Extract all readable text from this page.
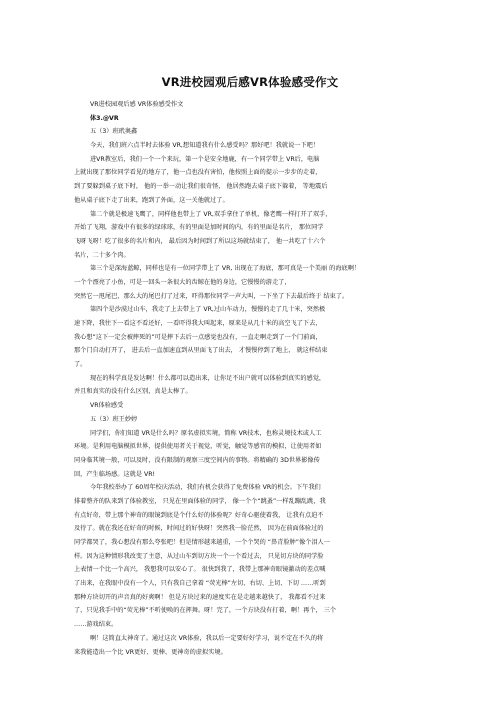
VR进校园观后感VR体验感受作文

VR进校园观后感 VR体验感受作文

体3.@VR

五（3）班玳奥鑫

今天，我们班六点半时去体验 VR,想知道我有什么感受吗？那好吧！我就说一下吧！

进VR教室后，我们一个一个来玩，第一个是安全地鹿，有一个同学带上 VR后，电脑

上就出现了那位同学看见的地方了，他一点也没有害怕，他按照上面的提示一步步的走着，

到了要躲到桌子底下时， 他的一举一动让我们很奇怪， 他居然跑去桌子底下躲着， 等地震后

他从桌子底下走了出来，跑到了外面，这一关他就过了。

第二个就是极速飞鹰了，同样他也带上了 VR,双手拿住了单机，像老鹰一样打开了双手，

开始了飞翔，游戏中有很多的绿球球，有的里面是加时间的内，有的里面是名片， 那位同学

飞呀飞呀！吃了很多的名片和内， 最后因为时间到了所以这场就结束了， 他一共吃了十六个

名片，二十多个肉。

第三个是深海蓝鲸，同样也是有一位同学带上了 VR, 出现在了海底，那可真是一个美丽 的海底啊！

一个个漂亮了小鱼，可是一回头一条很大的齿鲸在他的身边，它慢慢的游走了，

突然它一甩尾巴，那么大的尾巴打了过来，吓得那位同学一声大叫，一下坐了下去最后终于 结束了。

第四个是沙漠过山车，我走了上去带上了 VR,过山车动力，慢慢的走了几十米，突然极

速下降，我往下一看这不看还好，一看吓得我大叫起来，原来是从几十米的高空飞了下去，

我心想”这下一定会被摔死的”可是摔下去后一点感觉也没有，一直走啊走到了一个门前面，

那个门自动打开了， 进去后一直加速直到从里面飞了出去， 才慢慢停到了地上， 就这样结束

了。

现在的科学真是发达啊！什么都可以造出来，让你足不出户就可以体验到真实的感觉，

并且和真实的没有什么区别，真是太棒了。

VR体验感受

五（3）班王妙婷

同学们，你们知道 VR是什么吗？原名虚拟实境，简称 VR技术，也称灵境技术或人工

环境。是利用电脑模拟世界，提供使用者关于视觉，听觉，触觉等感官的模拟，让使用者如

同身临其境一般，可以及时，没有限制的观察三度空间内的事物。将精确的 3D世界影像传

回，产生临场感。这就是 VR!

今年我校举办了 60周年校庆活动，我们有机会获得了免费体验 VR的机会。下午我们

排着整齐的队来到了体验教室， 只见在里面体验的同学， 像一个个“跳蚤”一样乱蹦乱跳，我

有点好奇，带上那个神奇的眼镜到底是个什么好的体验呢？好奇心驱使着我， 让我有点迫不

及待了。就在我还在好奇的时候，时间过的好快呀！突然我一脸茫然， 因为在前面体验过的

同学都哭了，我心想没有那么夸张吧！但是情形越来越重，一个个哭的 “鼻青脸肿”像个泪人一

样。因为这种情形我改变了主意，从过山车到切方块一个一个看过去， 只见切方块的同学脸

上表情一个比一个高兴， 我想我可以安心了。 很快到我了，我带上那神奇眼镜激动的差点喊

了出来，在我眼中没有一个人，只有我自己拿着 “荧光棒”左切、右切、上切、下切 ……听到

那种方块切开的声音真的好爽啊！ 但是方块过来的速度实在是走越来越快了， 我都看不过来

了，只见我手中的“荧光棒”不听使唤的在挥舞。呀！完了，一个方块没有打着，啊！再个， 三个

……游戏结束。

啊！这简直太神奇了。通过这次 VR体验，我以后一定要好好学习，说不定在不久的将

来我能造出一个比 VR更好、更棒、更神奇的虚拟实境。
